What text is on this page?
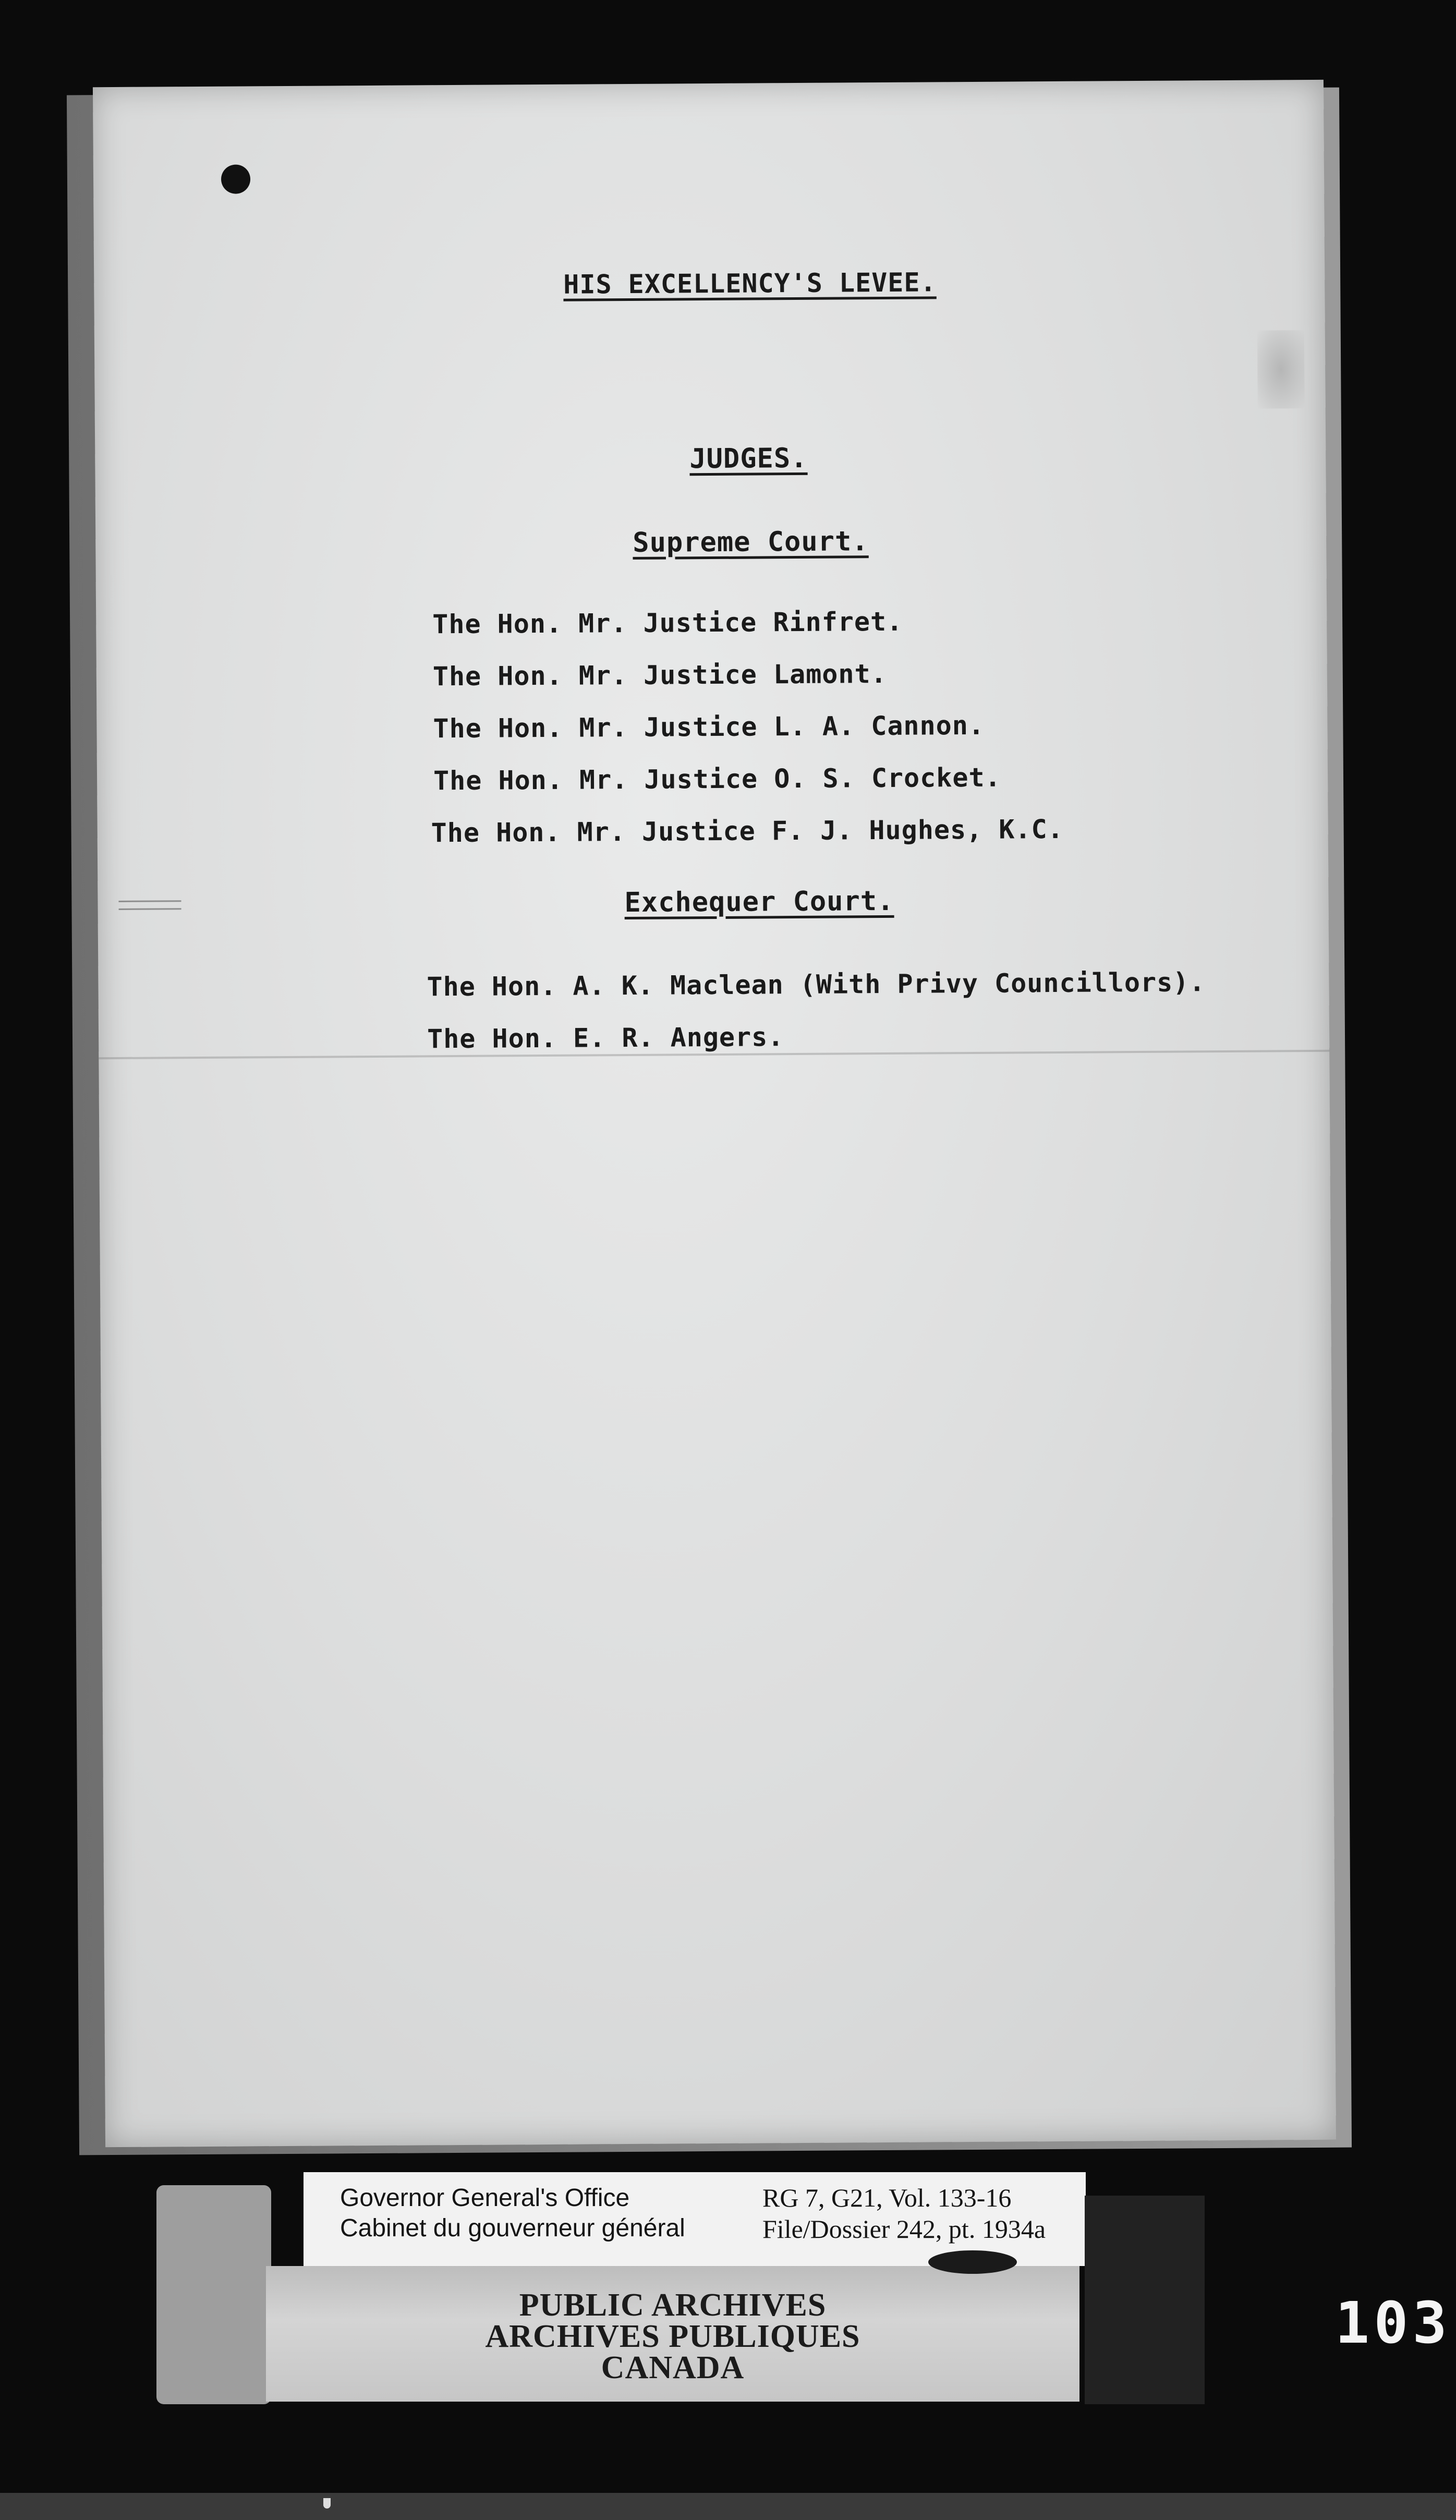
HIS EXCELLENCY'S LEVEE.
JUDGES.
Supreme Court.
The Hon. Mr. Justice Rinfret.
The Hon. Mr. Justice Lamont.
The Hon. Mr. Justice L. A. Cannon.
The Hon. Mr. Justice O. S. Crocket.
The Hon. Mr. Justice F. J. Hughes, K.C.
Exchequer Court.
The Hon. A. K. Maclean (With Privy Councillors).
The Hon. E. R. Angers.
PUBLIC ARCHIVES
ARCHIVES PUBLIQUES
CANADA
Governor General's Office
Cabinet du gouverneur général
RG 7, G21, Vol. 133-16
File/Dossier 242, pt. 1934a
103
